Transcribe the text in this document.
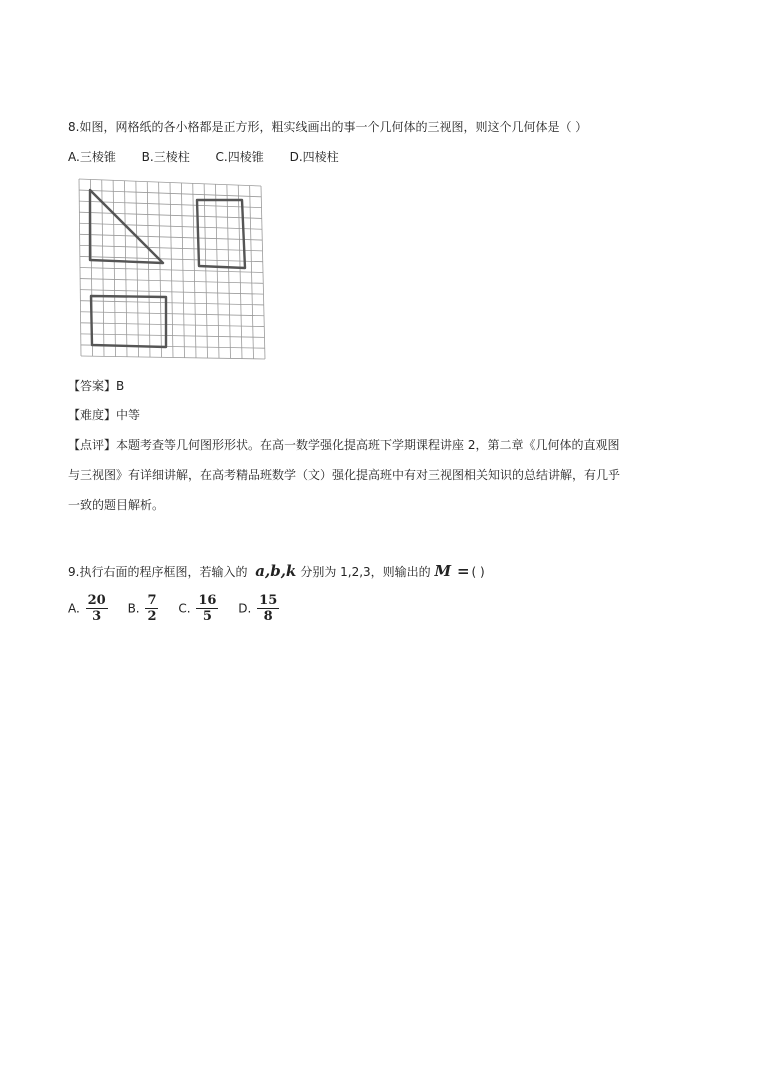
8.如图，网格纸的各小格都是正方形，粗实线画出的事一个几何体的三视图，则这个几何体是（ ）
A.三棱锥 B.三棱柱 C.四棱锥 D.四棱柱
【答案】B
【难度】中等
【点评】本题考查等几何图形形状。在高一数学强化提高班下学期课程讲座 2，第二章《几何体的直观图
与三视图》有详细讲解，在高考精品班数学（文）强化提高班中有对三视图相关知识的总结讲解，有几乎
一致的题目解析。
9.执行右面的程序框图，若输入的 a,b,k 分别为 1,2,3，则输出的 M = ( )
A. $\frac{20}{3} B$. $\frac{7}{2} C$. $\frac{16}{5} D$. $\frac{15}{8}$
